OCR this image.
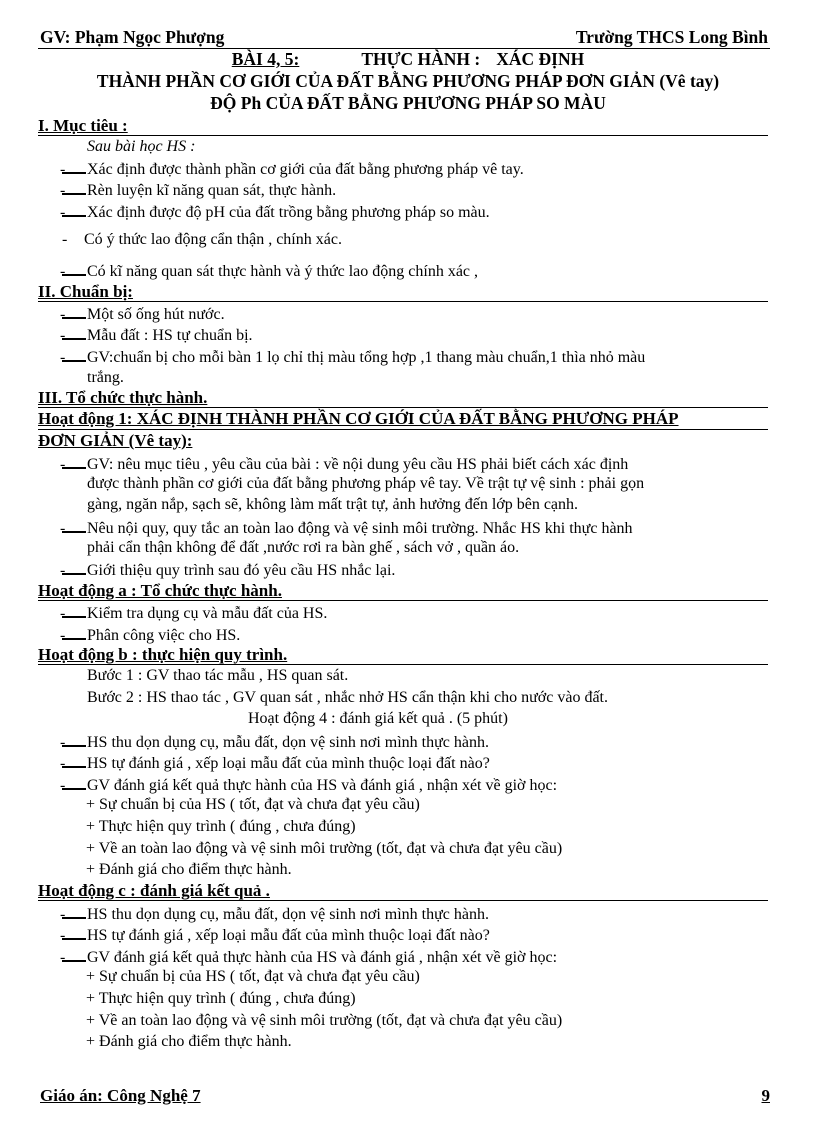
GV: Phạm Ngọc Phượng	Trường THCS Long Bình
BÀI 4, 5:	THỰC HÀNH : XÁC ĐỊNH
THÀNH PHẦN CƠ GIỚI CỦA ĐẤT BẰNG PHƯƠNG PHÁP ĐƠN GIẢN (Vê tay)
ĐỘ Ph CỦA ĐẤT BẰNG PHƯƠNG PHÁP SO MÀU
I. Mục tiêu :
Sau bài học HS :
- Xác định được thành phần cơ giới của đất bằng phương pháp vê tay.
- Rèn luyện kĩ năng quan sát, thực hành.
- Xác định được độ pH của đất trồng bằng phương pháp so màu.
- Có ý thức lao động cẩn thận , chính xác.
- Có kĩ năng quan sát thực hành và ý thức lao động chính xác ,
II. Chuẩn bị:
- Một số ống hút nước.
- Mẫu đất : HS tự chuẩn bị.
- GV:chuẩn bị cho mỗi bàn 1 lọ chỉ thị màu tổng hợp ,1 thang màu chuẩn,1 thìa nhỏ màu
trắng.
III. Tổ chức thực hành.
Hoạt động 1: XÁC ĐỊNH THÀNH PHẦN CƠ GIỚI CỦA ĐẤT BẰNG PHƯƠNG PHÁP
ĐƠN GIẢN (Vê tay):
- GV: nêu mục tiêu , yêu cầu của bài : về nội dung yêu cầu HS phải biết cách xác định
được thành phần cơ giới của đất bằng phương pháp vê tay. Về trật tự vệ sinh : phải gọn
gàng, ngăn nắp, sạch sẽ, không làm mất trật tự, ảnh hưởng đến lớp bên cạnh.
- Nêu nội quy, quy tắc an toàn lao động và vệ sinh môi trường. Nhắc HS khi thực hành
phải cẩn thận không để đất ,nước rơi ra bàn ghế , sách vở , quần áo.
- Giới thiệu quy trình sau đó yêu cầu HS nhắc lại.
Hoạt động a : Tổ chức thực hành.
- Kiểm tra dụng cụ và mẫu đất của HS.
- Phân công việc cho HS.
Hoạt động b : thực hiện quy trình.
Bước 1 : GV thao tác mẫu , HS quan sát.
Bước 2 : HS thao tác , GV quan sát , nhắc nhở HS cẩn thận khi cho nước vào đất.
Hoạt động 4 : đánh giá kết quả . (5 phút)
- HS thu dọn dụng cụ, mẫu đất, dọn vệ sinh nơi mình thực hành.
- HS tự đánh giá , xếp loại mẫu đất của mình thuộc loại đất nào?
- GV đánh giá kết quả thực hành của HS và đánh giá , nhận xét về giờ học:
+ Sự chuẩn bị của HS ( tốt, đạt và chưa đạt yêu cầu)
+ Thực hiện quy trình ( đúng , chưa đúng)
+ Về an toàn lao động và vệ sinh môi trường (tốt, đạt và chưa đạt yêu cầu)
+ Đánh giá cho điểm thực hành.
Hoạt động c : đánh giá kết quả .
- HS thu dọn dụng cụ, mẫu đất, dọn vệ sinh nơi mình thực hành.
- HS tự đánh giá , xếp loại mẫu đất của mình thuộc loại đất nào?
- GV đánh giá kết quả thực hành của HS và đánh giá , nhận xét về giờ học:
+ Sự chuẩn bị của HS ( tốt, đạt và chưa đạt yêu cầu)
+ Thực hiện quy trình ( đúng , chưa đúng)
+ Về an toàn lao động và vệ sinh môi trường (tốt, đạt và chưa đạt yêu cầu)
+ Đánh giá cho điểm thực hành.
Giáo án: Công Nghệ 7	9
